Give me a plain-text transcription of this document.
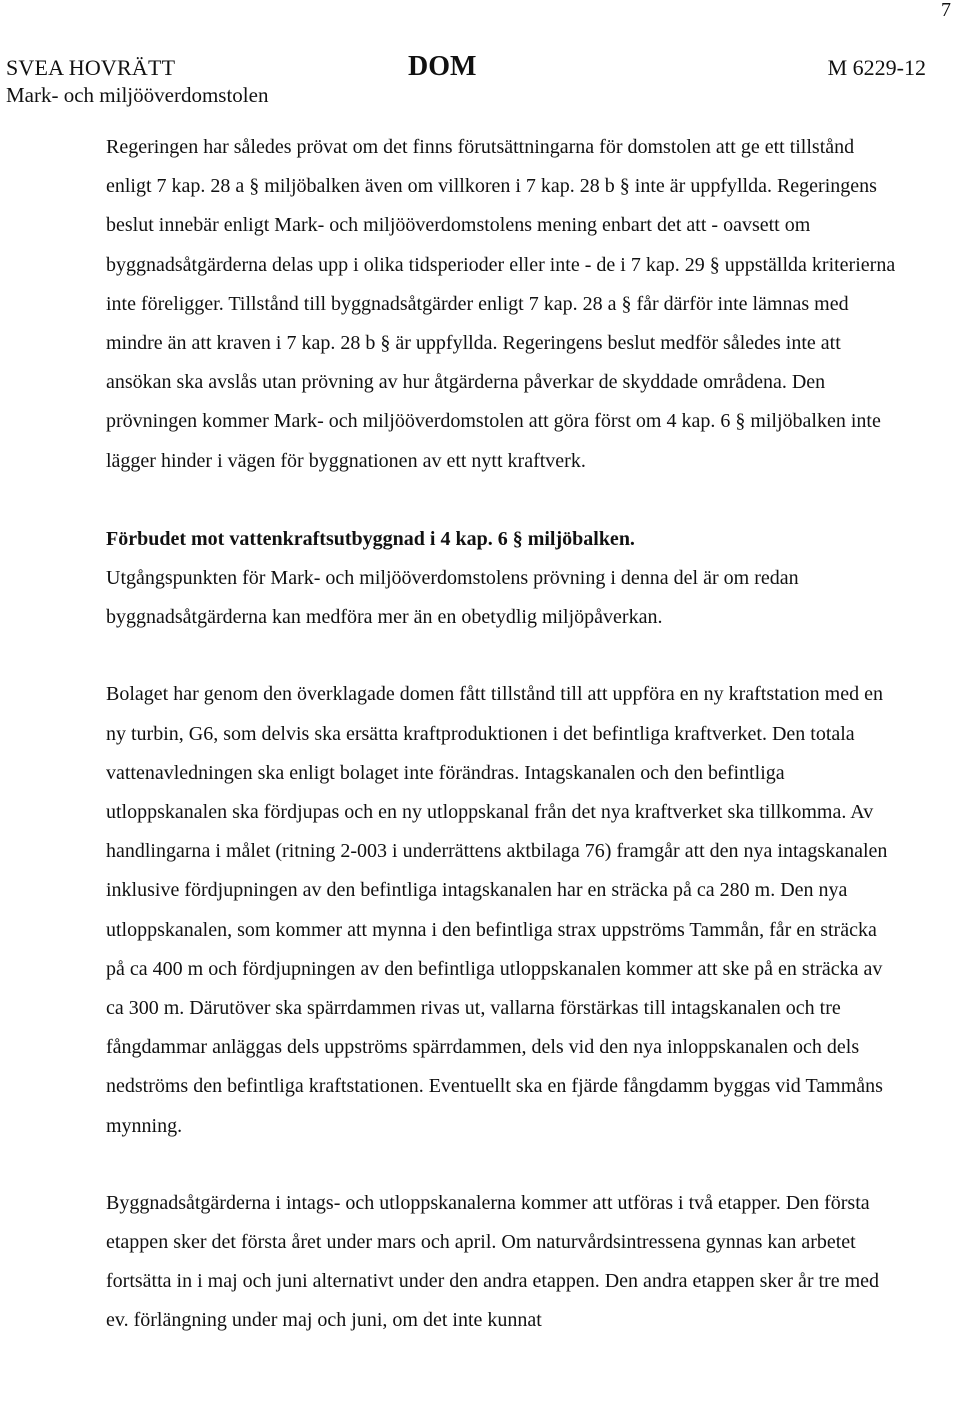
7
SVEA HOVRÄTT
Mark- och miljööverdomstolen
DOM	M 6229-12

Regeringen har således prövat om det finns förutsättningarna för domstolen att ge ett tillstånd enligt 7 kap. 28 a § miljöbalken även om villkoren i 7 kap. 28 b § inte är uppfyllda. Regeringens beslut innebär enligt Mark- och miljööverdomstolens mening enbart det att - oavsett om byggnadsåtgärderna delas upp i olika tidsperioder eller inte - de i 7 kap. 29 § uppställda kriterierna inte föreligger. Tillstånd till byggnadsåtgärder enligt 7 kap. 28 a § får därför inte lämnas med mindre än att kraven i 7 kap. 28 b § är uppfyllda. Regeringens beslut medför således inte att ansökan ska avslås utan prövning av hur åtgärderna påverkar de skyddade områdena. Den prövningen kommer Mark- och miljööverdomstolen att göra först om 4 kap. 6 § miljöbalken inte lägger hinder i vägen för byggnationen av ett nytt kraftverk.

Förbudet mot vattenkraftsutbyggnad i 4 kap. 6 § miljöbalken.

Utgångspunkten för Mark- och miljööverdomstolens prövning i denna del är om redan byggnadsåtgärderna kan medföra mer än en obetydlig miljöpåverkan.

Bolaget har genom den överklagade domen fått tillstånd till att uppföra en ny kraftstation med en ny turbin, G6, som delvis ska ersätta kraftproduktionen i det befintliga kraftverket. Den totala vattenavledningen ska enligt bolaget inte förändras. Intagskanalen och den befintliga utloppskanalen ska fördjupas och en ny utloppskanal från det nya kraftverket ska tillkomma. Av handlingarna i målet (ritning 2-003 i underrättens aktbilaga 76) framgår att den nya intagskanalen inklusive fördjupningen av den befintliga intagskanalen har en sträcka på ca 280 m. Den nya utloppskanalen, som kommer att mynna i den befintliga strax uppströms Tammån, får en sträcka på ca 400 m och fördjupningen av den befintliga utloppskanalen kommer att ske på en sträcka av ca 300 m. Därutöver ska spärrdammen rivas ut, vallarna förstärkas till intagskanalen och tre fångdammar anläggas dels uppströms spärrdammen, dels vid den nya inloppskanalen och dels nedströms den befintliga kraftstationen. Eventuellt ska en fjärde fångdamm byggas vid Tammåns mynning.

Byggnadsåtgärderna i intags- och utloppskanalerna kommer att utföras i två etapper. Den första etappen sker det första året under mars och april. Om naturvårdsintressena gynnas kan arbetet fortsätta in i maj och juni alternativt under den andra etappen. Den andra etappen sker år tre med ev. förlängning under maj och juni, om det inte kunnat
